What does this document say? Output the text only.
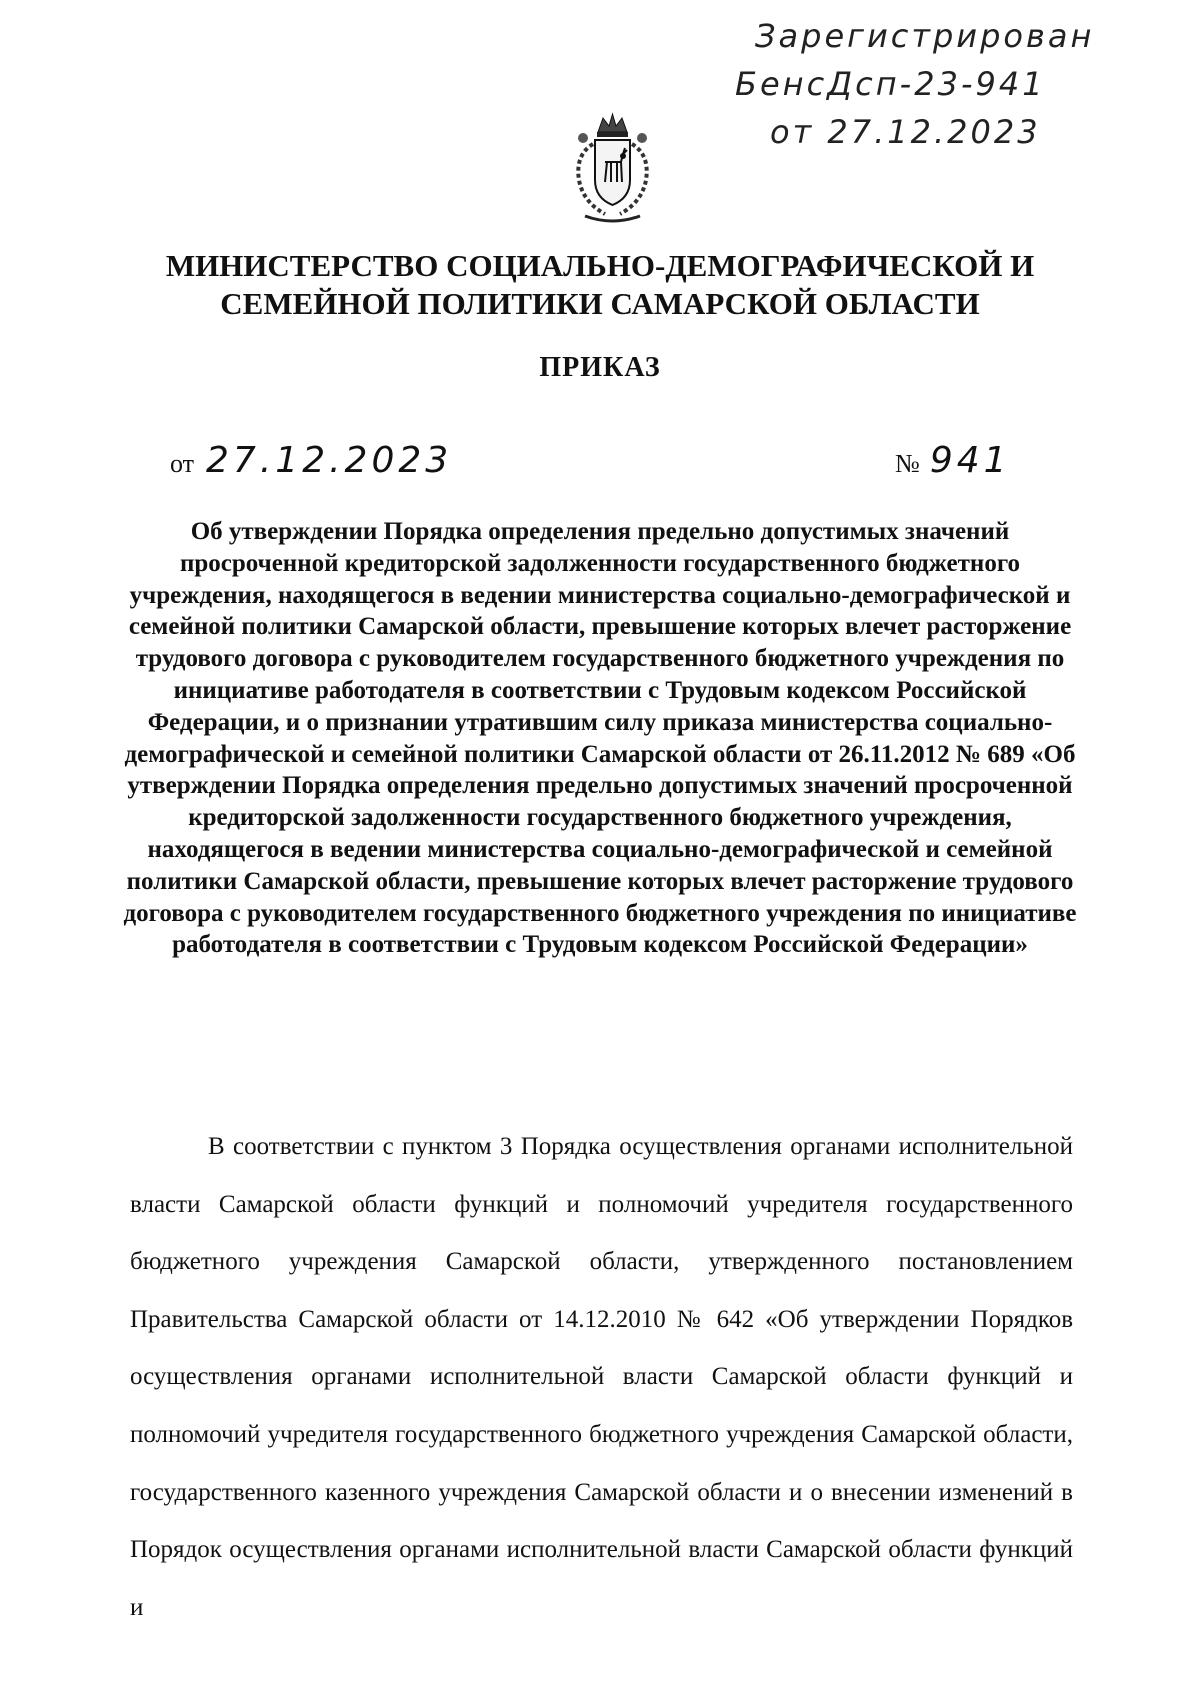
Зарегистрирован
БенсДсп-23-941
от 27.12.2023
МИНИСТЕРСТВО СОЦИАЛЬНО-ДЕМОГРАФИЧЕСКОЙ И СЕМЕЙНОЙ ПОЛИТИКИ САМАРСКОЙ ОБЛАСТИ
ПРИКАЗ
от 27.12.2023	№ 941
Об утверждении Порядка определения предельно допустимых значений просроченной кредиторской задолженности государственного бюджетного учреждения, находящегося в ведении министерства социально-демографической и семейной политики Самарской области, превышение которых влечет расторжение трудового договора с руководителем государственного бюджетного учреждения по инициативе работодателя в соответствии с Трудовым кодексом Российской Федерации, и о признании утратившим силу приказа министерства социально-демографической и семейной политики Самарской области от 26.11.2012 № 689 «Об утверждении Порядка определения предельно допустимых значений просроченной кредиторской задолженности государственного бюджетного учреждения, находящегося в ведении министерства социально-демографической и семейной политики Самарской области, превышение которых влечет расторжение трудового договора с руководителем государственного бюджетного учреждения по инициативе работодателя в соответствии с Трудовым кодексом Российской Федерации»

В соответствии с пунктом 3 Порядка осуществления органами исполнительной власти Самарской области функций и полномочий учредителя государственного бюджетного учреждения Самарской области, утвержденного постановлением Правительства Самарской области от 14.12.2010 № 642 «Об утверждении Порядков осуществления органами исполнительной власти Самарской области функций и полномочий учредителя государственного бюджетного учреждения Самарской области, государственного казенного учреждения Самарской области и о внесении изменений в Порядок осуществления органами исполнительной власти Самарской области функций и
